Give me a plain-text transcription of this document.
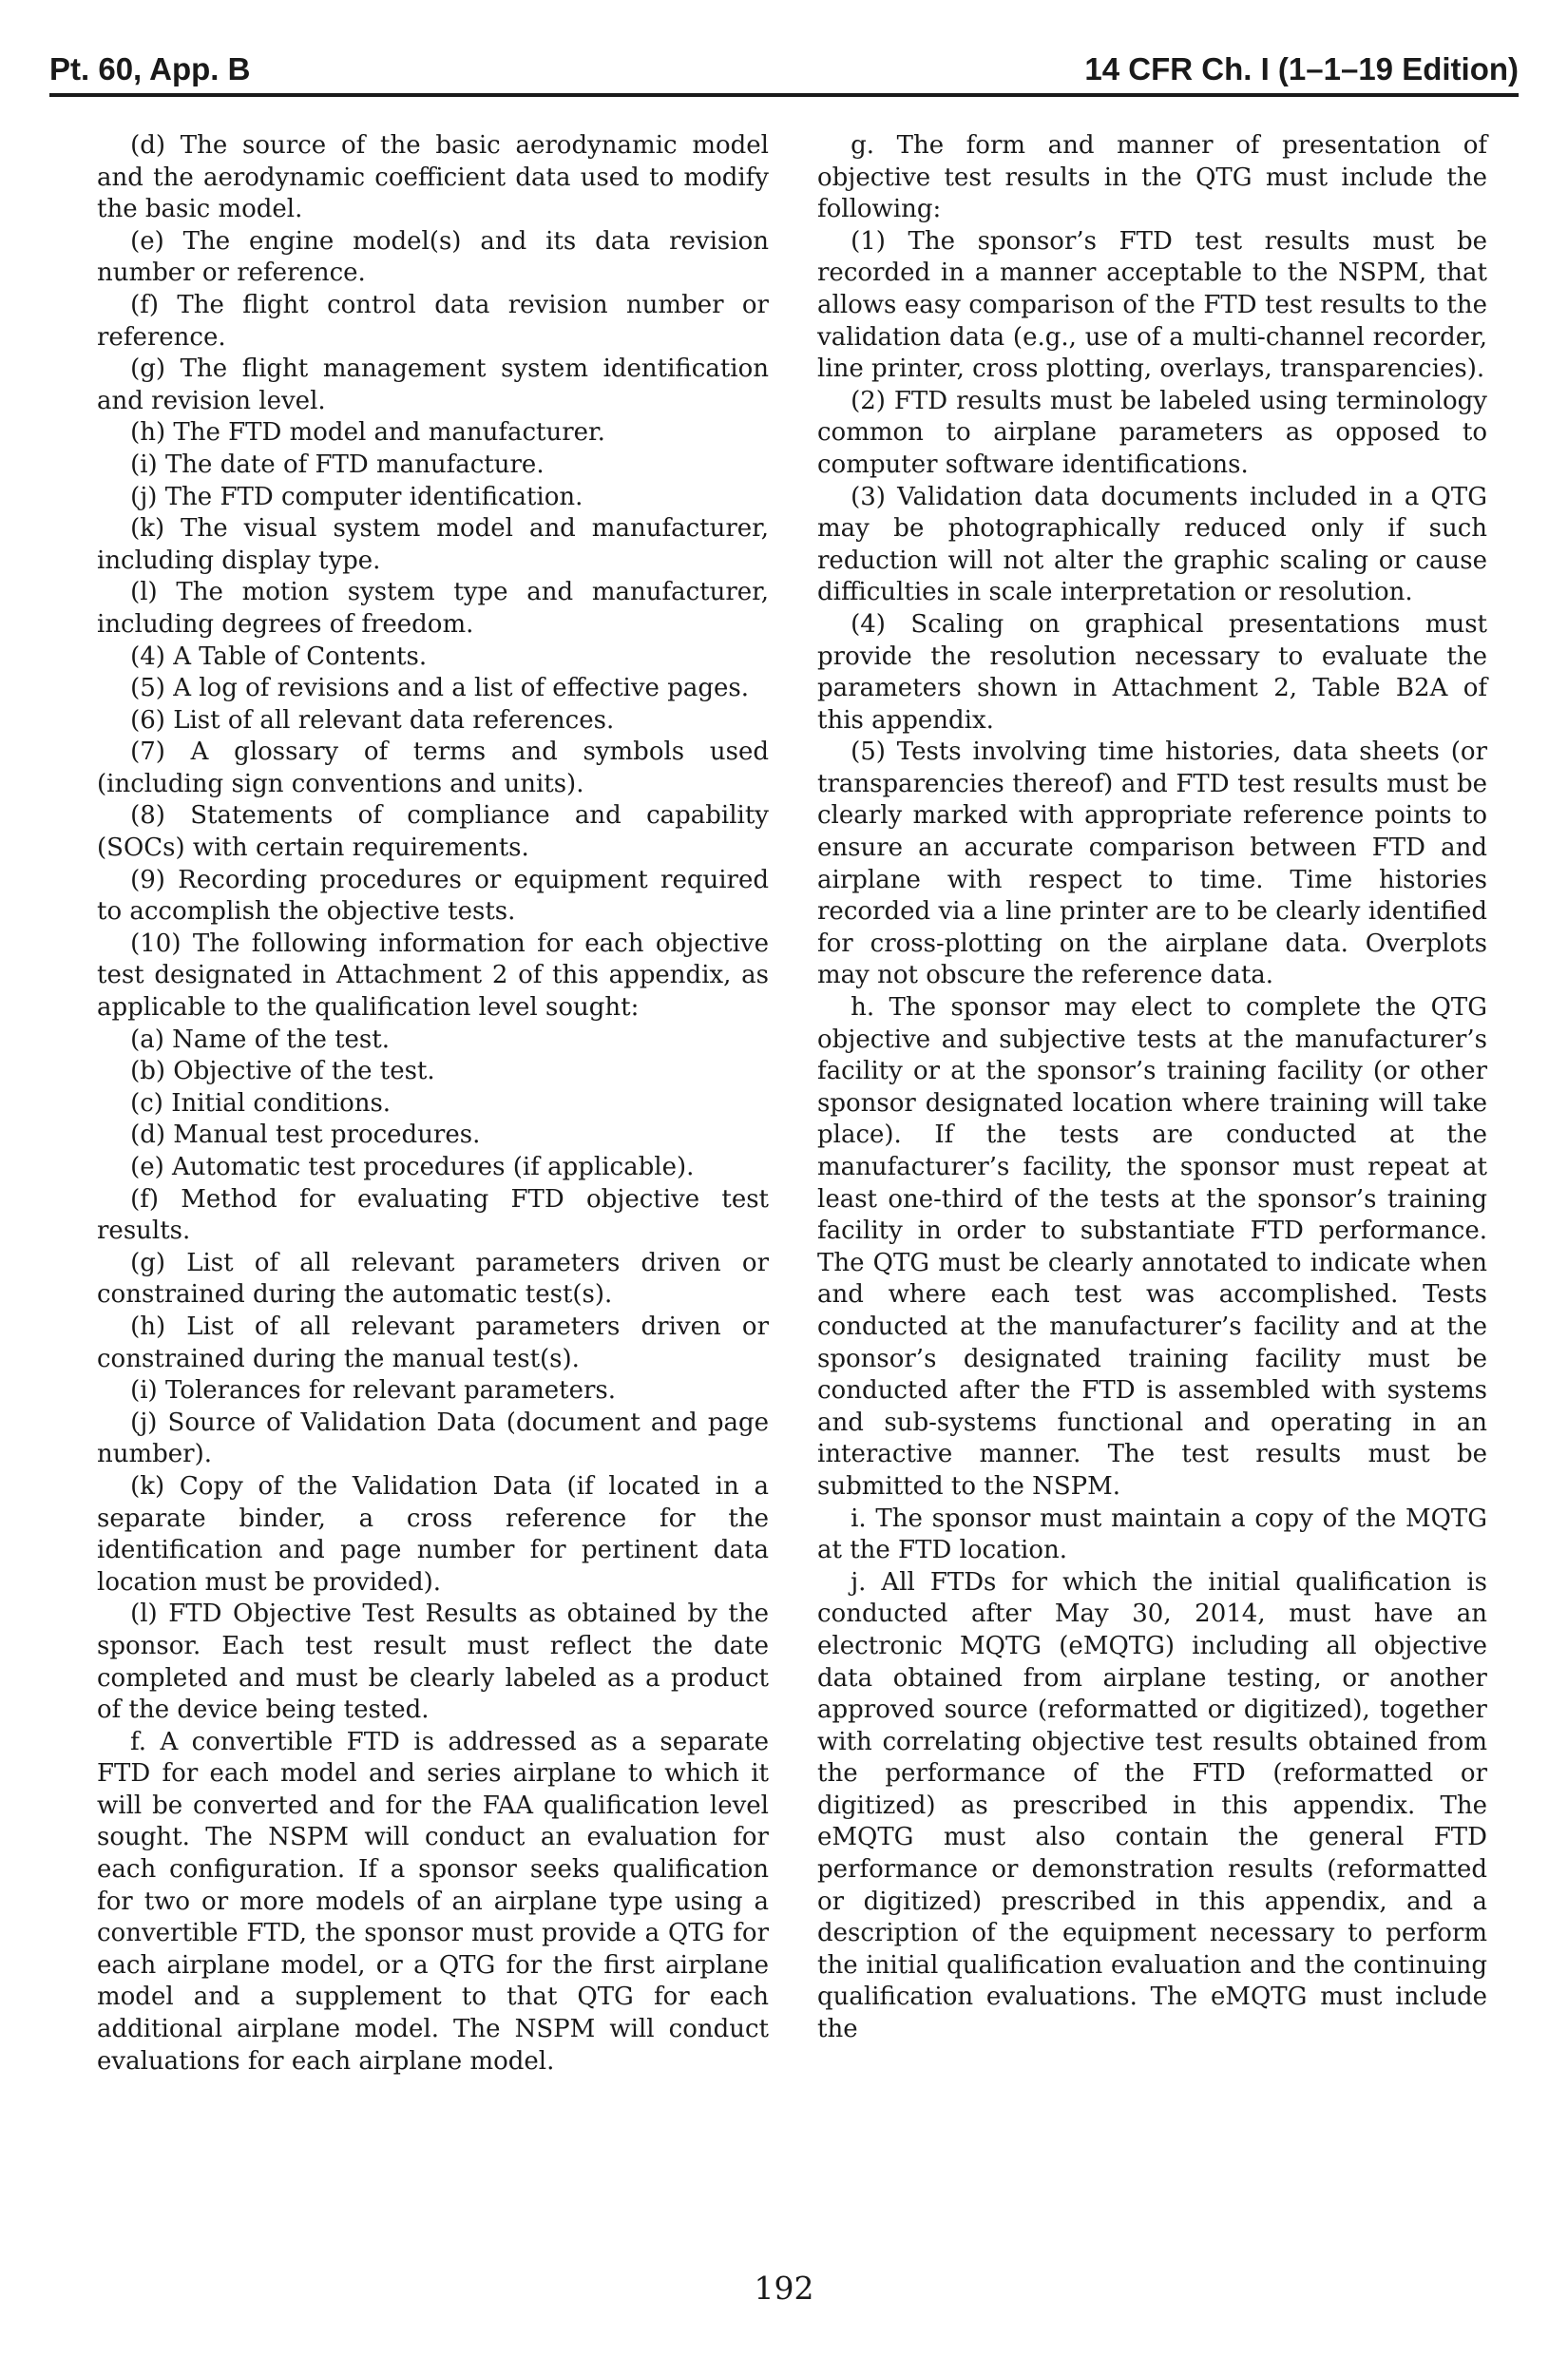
Pt. 60, App. B	14 CFR Ch. I (1–1–19 Edition)

(d) The source of the basic aerodynamic model and the aerodynamic coefficient data used to modify the basic model.

(e) The engine model(s) and its data revision number or reference.

(f) The flight control data revision number or reference.

(g) The flight management system identification and revision level.

(h) The FTD model and manufacturer.

(i) The date of FTD manufacture.

(j) The FTD computer identification.

(k) The visual system model and manufacturer, including display type.

(l) The motion system type and manufacturer, including degrees of freedom.

(4) A Table of Contents.

(5) A log of revisions and a list of effective pages.

(6) List of all relevant data references.

(7) A glossary of terms and symbols used (including sign conventions and units).

(8) Statements of compliance and capability (SOCs) with certain requirements.

(9) Recording procedures or equipment required to accomplish the objective tests.

(10) The following information for each objective test designated in Attachment 2 of this appendix, as applicable to the qualification level sought:

(a) Name of the test.

(b) Objective of the test.

(c) Initial conditions.

(d) Manual test procedures.

(e) Automatic test procedures (if applicable).

(f) Method for evaluating FTD objective test results.

(g) List of all relevant parameters driven or constrained during the automatic test(s).

(h) List of all relevant parameters driven or constrained during the manual test(s).

(i) Tolerances for relevant parameters.

(j) Source of Validation Data (document and page number).

(k) Copy of the Validation Data (if located in a separate binder, a cross reference for the identification and page number for pertinent data location must be provided).

(l) FTD Objective Test Results as obtained by the sponsor. Each test result must reflect the date completed and must be clearly labeled as a product of the device being tested.

f. A convertible FTD is addressed as a separate FTD for each model and series airplane to which it will be converted and for the FAA qualification level sought. The NSPM will conduct an evaluation for each configuration. If a sponsor seeks qualification for two or more models of an airplane type using a convertible FTD, the sponsor must provide a QTG for each airplane model, or a QTG for the first airplane model and a supplement to that QTG for each additional airplane model. The NSPM will conduct evaluations for each airplane model.

g. The form and manner of presentation of objective test results in the QTG must include the following:

(1) The sponsor’s FTD test results must be recorded in a manner acceptable to the NSPM, that allows easy comparison of the FTD test results to the validation data (e.g., use of a multi-channel recorder, line printer, cross plotting, overlays, transparencies).

(2) FTD results must be labeled using terminology common to airplane parameters as opposed to computer software identifications.

(3) Validation data documents included in a QTG may be photographically reduced only if such reduction will not alter the graphic scaling or cause difficulties in scale interpretation or resolution.

(4) Scaling on graphical presentations must provide the resolution necessary to evaluate the parameters shown in Attachment 2, Table B2A of this appendix.

(5) Tests involving time histories, data sheets (or transparencies thereof) and FTD test results must be clearly marked with appropriate reference points to ensure an accurate comparison between FTD and airplane with respect to time. Time histories recorded via a line printer are to be clearly identified for cross-plotting on the airplane data. Overplots may not obscure the reference data.

h. The sponsor may elect to complete the QTG objective and subjective tests at the manufacturer’s facility or at the sponsor’s training facility (or other sponsor designated location where training will take place). If the tests are conducted at the manufacturer’s facility, the sponsor must repeat at least one-third of the tests at the sponsor’s training facility in order to substantiate FTD performance. The QTG must be clearly annotated to indicate when and where each test was accomplished. Tests conducted at the manufacturer’s facility and at the sponsor’s designated training facility must be conducted after the FTD is assembled with systems and sub-systems functional and operating in an interactive manner. The test results must be submitted to the NSPM.

i. The sponsor must maintain a copy of the MQTG at the FTD location.

j. All FTDs for which the initial qualification is conducted after May 30, 2014, must have an electronic MQTG (eMQTG) including all objective data obtained from airplane testing, or another approved source (reformatted or digitized), together with correlating objective test results obtained from the performance of the FTD (reformatted or digitized) as prescribed in this appendix. The eMQTG must also contain the general FTD performance or demonstration results (reformatted or digitized) prescribed in this appendix, and a description of the equipment necessary to perform the initial qualification evaluation and the continuing qualification evaluations. The eMQTG must include the

192
